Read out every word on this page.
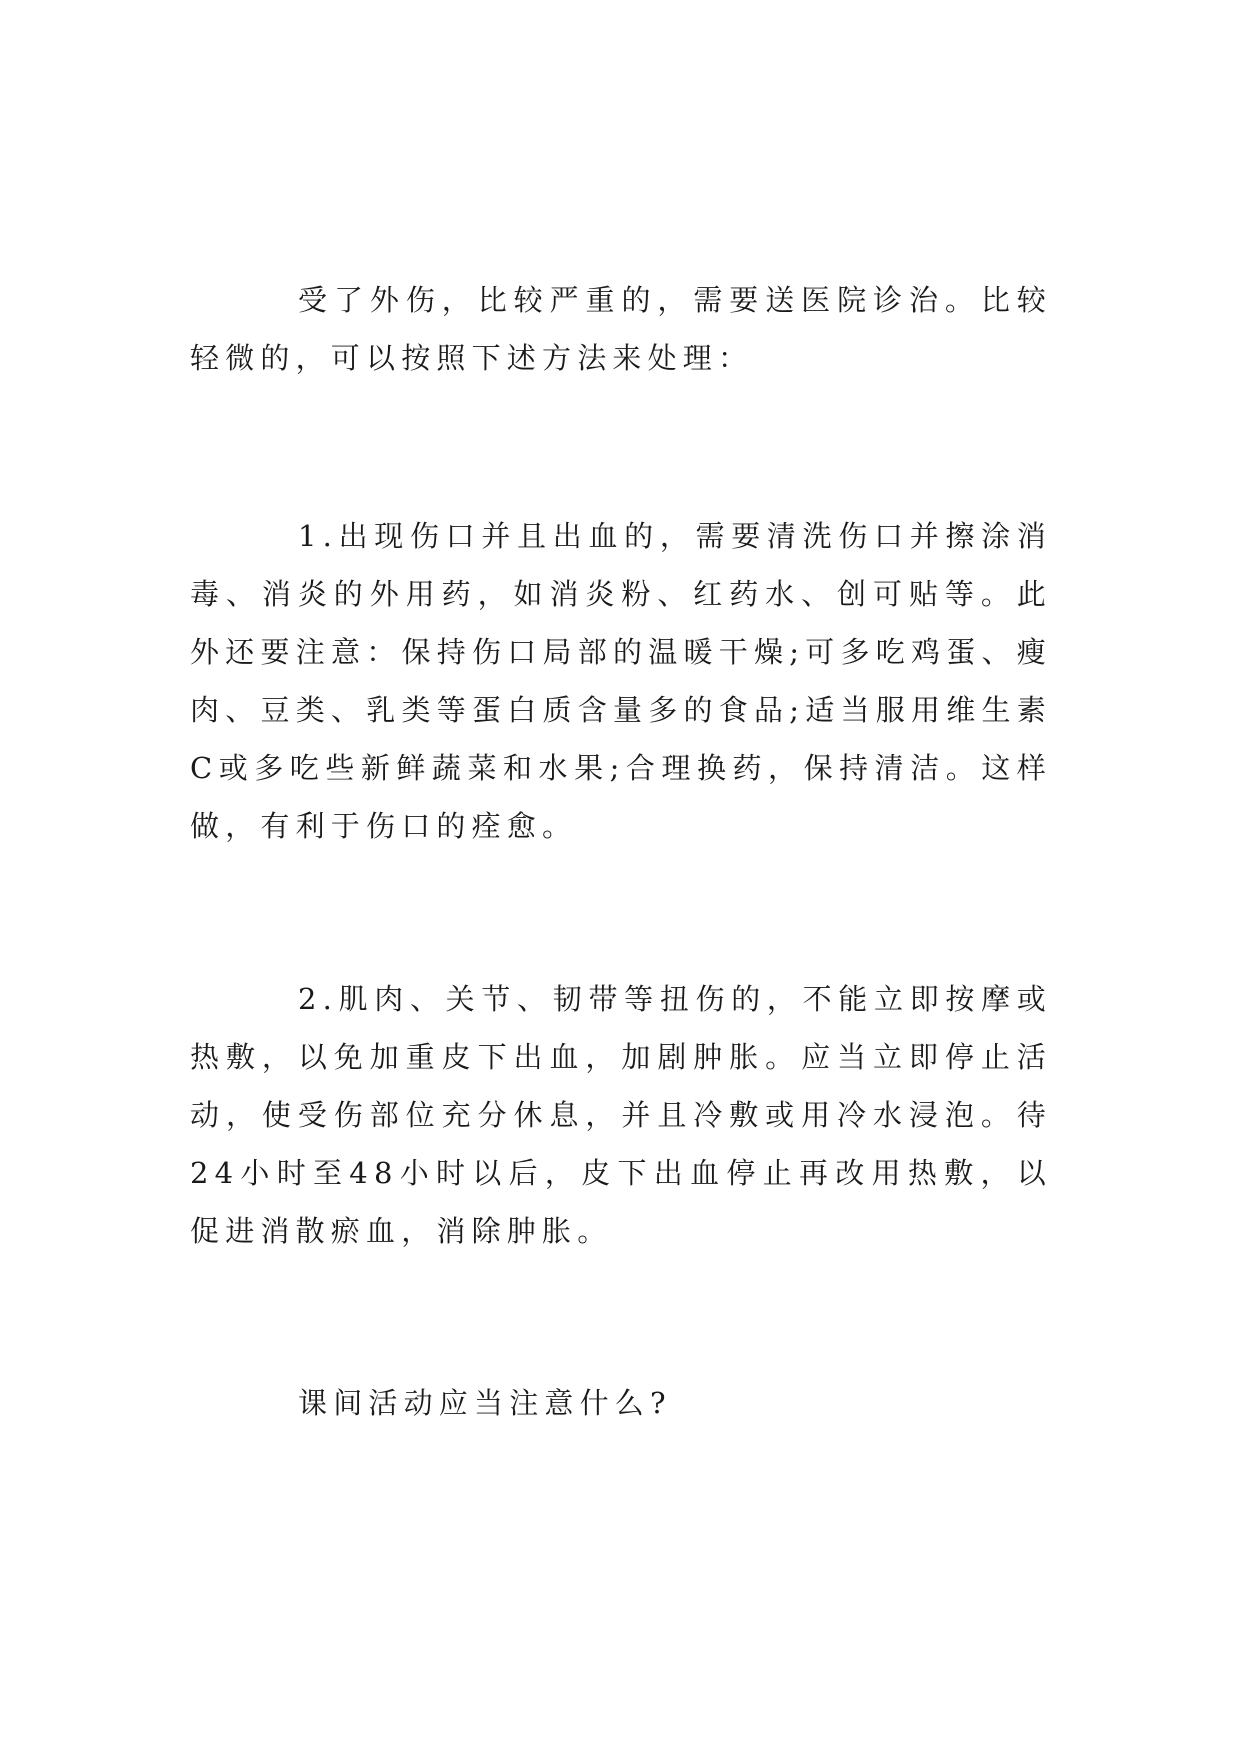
受了外伤，比较严重的，需要送医院诊治。比较轻微的，可以按照下述方法来处理：

1.出现伤口并且出血的，需要清洗伤口并擦涂消毒、消炎的外用药，如消炎粉、红药水、创可贴等。此外还要注意：保持伤口局部的温暖干燥;可多吃鸡蛋、瘦肉、豆类、乳类等蛋白质含量多的食品;适当服用维生素C或多吃些新鲜蔬菜和水果;合理换药，保持清洁。这样做，有利于伤口的痊愈。

2.肌肉、关节、韧带等扭伤的，不能立即按摩或热敷，以免加重皮下出血，加剧肿胀。应当立即停止活动，使受伤部位充分休息，并且冷敷或用冷水浸泡。待24小时至48小时以后，皮下出血停止再改用热敷，以促进消散瘀血，消除肿胀。

课间活动应当注意什么?
